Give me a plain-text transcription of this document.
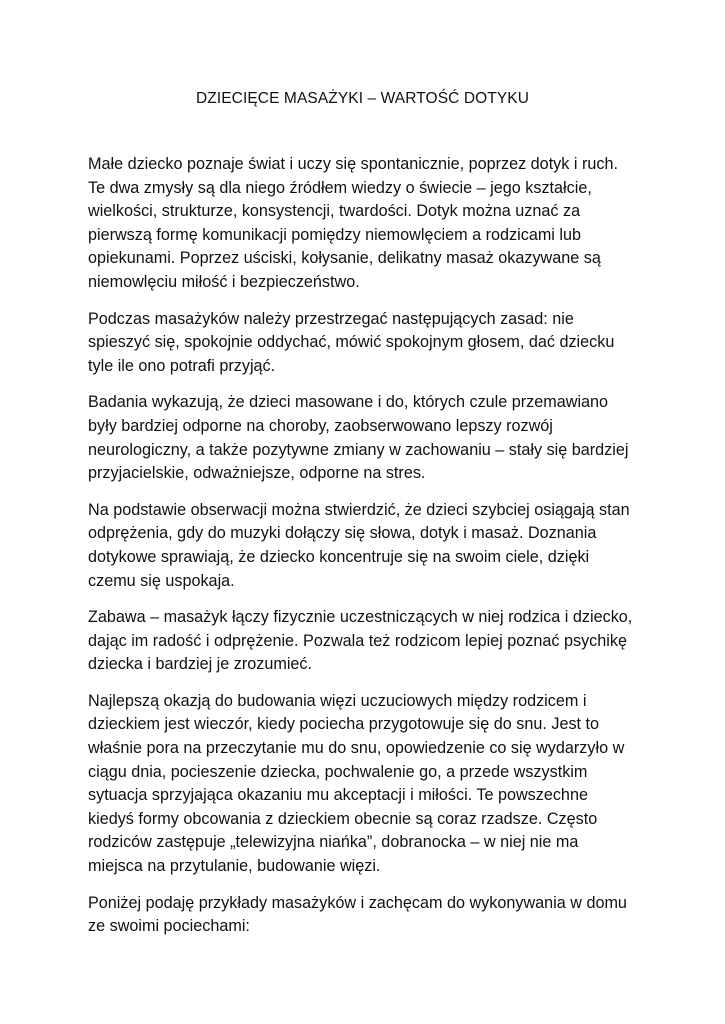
DZIECIĘCE MASAŻYKI – WARTOŚĆ DOTYKU

Małe dziecko poznaje świat i uczy się spontanicznie, poprzez dotyk i ruch. Te dwa zmysły są dla niego źródłem wiedzy o świecie – jego kształcie, wielkości, strukturze, konsystencji, twardości. Dotyk można uznać za pierwszą formę komunikacji pomiędzy niemowlęciem a rodzicami lub opiekunami. Poprzez uściski, kołysanie, delikatny masaż okazywane są niemowlęciu miłość i bezpieczeństwo.

Podczas masażyków należy przestrzegać następujących zasad: nie spieszyć się, spokojnie oddychać, mówić spokojnym głosem, dać dziecku tyle ile ono potrafi przyjąć.

Badania wykazują, że dzieci masowane i do, których czule przemawiano były bardziej odporne na choroby, zaobserwowano lepszy rozwój neurologiczny, a także pozytywne zmiany w zachowaniu – stały się bardziej przyjacielskie, odważniejsze, odporne na stres.

Na podstawie obserwacji można stwierdzić, że dzieci szybciej osiągają stan odprężenia, gdy do muzyki dołączy się słowa, dotyk i masaż. Doznania dotykowe sprawiają, że dziecko koncentruje się na swoim ciele, dzięki czemu się uspokaja.

Zabawa – masażyk łączy fizycznie uczestniczących w niej rodzica i dziecko, dając im radość i odprężenie. Pozwala też rodzicom lepiej poznać psychikę dziecka i bardziej je zrozumieć.

Najlepszą okazją do budowania więzi uczuciowych między rodzicem i dzieckiem jest wieczór, kiedy pociecha przygotowuje się do snu. Jest to właśnie pora na przeczytanie mu do snu, opowiedzenie co się wydarzyło w ciągu dnia, pocieszenie dziecka, pochwalenie go, a przede wszystkim sytuacja sprzyjająca okazaniu mu akceptacji i miłości. Te powszechne kiedyś formy obcowania z dzieckiem obecnie są coraz rzadsze. Często rodziców zastępuje „telewizyjna niańka”, dobranocka – w niej nie ma miejsca na przytulanie, budowanie więzi.

Poniżej podaję przykłady masażyków i zachęcam do wykonywania w domu ze swoimi pociechami:
